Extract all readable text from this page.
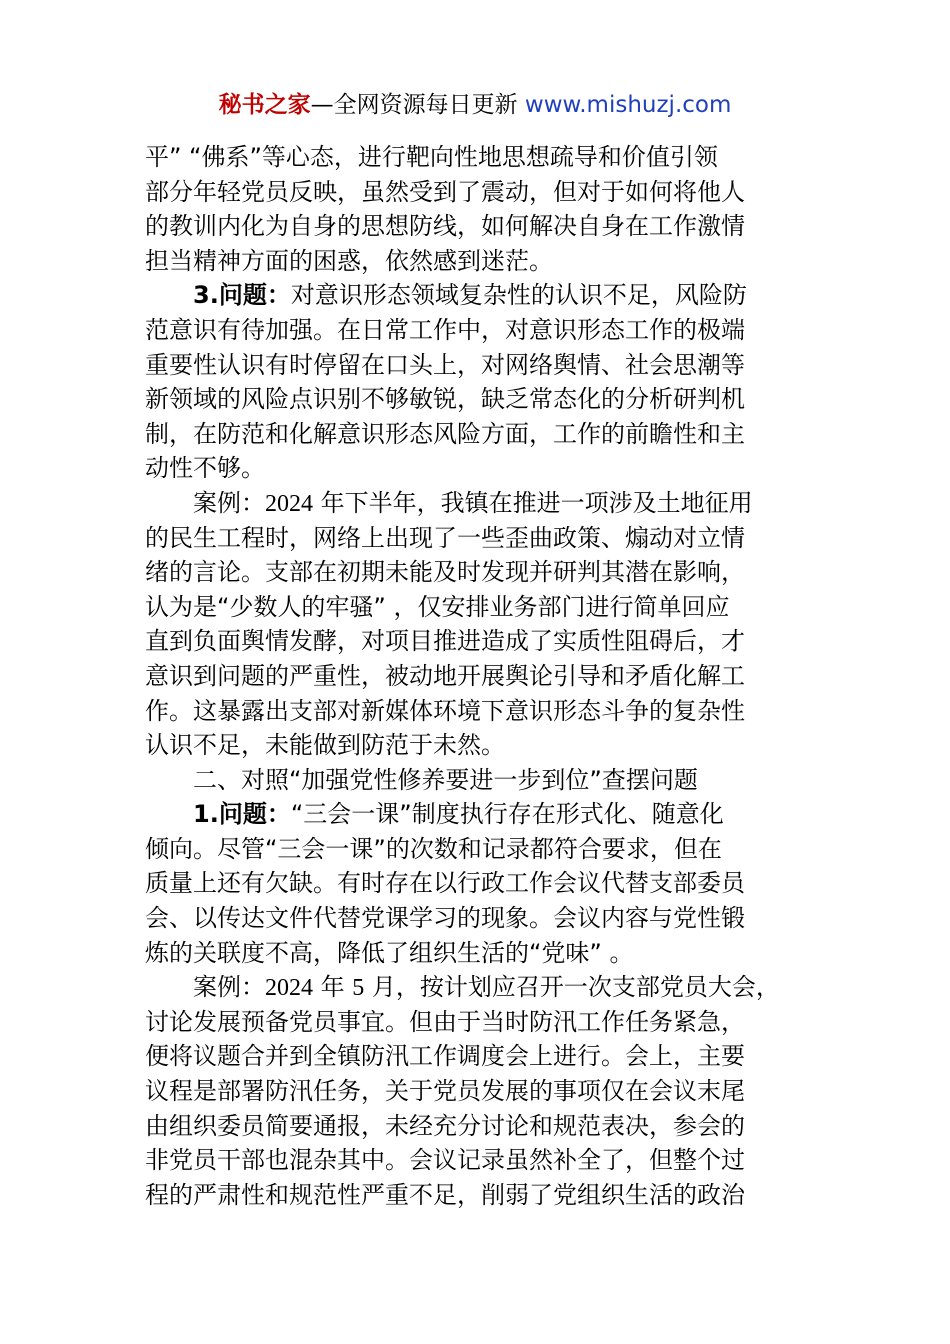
秘书之家—全网资源每日更新 www.mishuzj.com
平” “佛系”等心态，进行靶向性地思想疏导和价值引领
部分年轻党员反映，虽然受到了震动，但对于如何将他人
的教训内化为自身的思想防线，如何解决自身在工作激情
担当精神方面的困惑，依然感到迷茫。
3.问题：对意识形态领域复杂性的认识不足，风险防
范意识有待加强。在日常工作中，对意识形态工作的极端
重要性认识有时停留在口头上，对网络舆情、社会思潮等
新领域的风险点识别不够敏锐，缺乏常态化的分析研判机
制，在防范和化解意识形态风险方面，工作的前瞻性和主
动性不够。
案例：2024 年下半年，我镇在推进一项涉及土地征用
的民生工程时，网络上出现了一些歪曲政策、煽动对立情
绪的言论。支部在初期未能及时发现并研判其潜在影响，
认为是“少数人的牢骚” ，仅安排业务部门进行简单回应
直到负面舆情发酵，对项目推进造成了实质性阻碍后，才
意识到问题的严重性，被动地开展舆论引导和矛盾化解工
作。这暴露出支部对新媒体环境下意识形态斗争的复杂性
认识不足，未能做到防范于未然。
二、对照“加强党性修养要进一步到位”查摆问题
1.问题：“三会一课”制度执行存在形式化、随意化
倾向。尽管“三会一课”的次数和记录都符合要求，但在
质量上还有欠缺。有时存在以行政工作会议代替支部委员
会、以传达文件代替党课学习的现象。会议内容与党性锻
炼的关联度不高，降低了组织生活的“党味” 。
案例：2024 年 5 月，按计划应召开一次支部党员大会，
讨论发展预备党员事宜。但由于当时防汛工作任务紧急，
便将议题合并到全镇防汛工作调度会上进行。会上，主要
议程是部署防汛任务，关于党员发展的事项仅在会议末尾
由组织委员简要通报，未经充分讨论和规范表决，参会的
非党员干部也混杂其中。会议记录虽然补全了，但整个过
程的严肃性和规范性严重不足，削弱了党组织生活的政治
